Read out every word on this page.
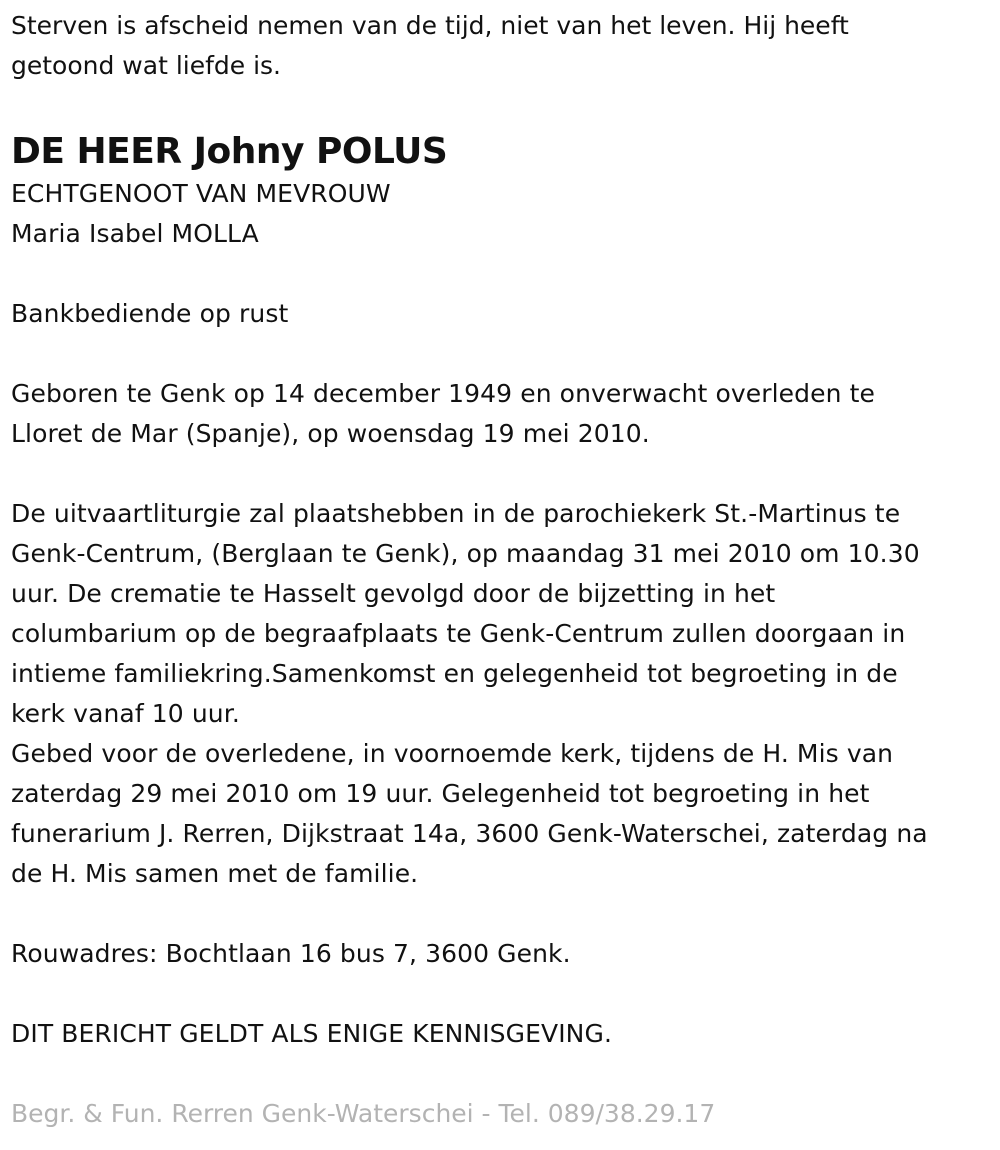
Sterven is afscheid nemen van de tijd, niet van het leven. Hij heeft

getoond wat liefde is.

DE HEER Johny POLUS

ECHTGENOOT VAN MEVROUW

Maria Isabel MOLLA

Bankbediende op rust

Geboren te Genk op 14 december 1949 en onverwacht overleden te

Lloret de Mar (Spanje), op woensdag 19 mei 2010.

De uitvaartliturgie zal plaatshebben in de parochiekerk St.-Martinus te

Genk-Centrum, (Berglaan te Genk), op maandag 31 mei 2010 om 10.30

uur. De crematie te Hasselt gevolgd door de bijzetting in het

columbarium op de begraafplaats te Genk-Centrum zullen doorgaan in

intieme familiekring.Samenkomst en gelegenheid tot begroeting in de

kerk vanaf 10 uur.

Gebed voor de overledene, in voornoemde kerk, tijdens de H. Mis van

zaterdag 29 mei 2010 om 19 uur. Gelegenheid tot begroeting in het

funerarium J. Rerren, Dijkstraat 14a, 3600 Genk-Waterschei, zaterdag na

de H. Mis samen met de familie.

Rouwadres: Bochtlaan 16 bus 7, 3600 Genk.

DIT BERICHT GELDT ALS ENIGE KENNISGEVING.

Begr. & Fun. Rerren Genk-Waterschei - Tel. 089/38.29.17
